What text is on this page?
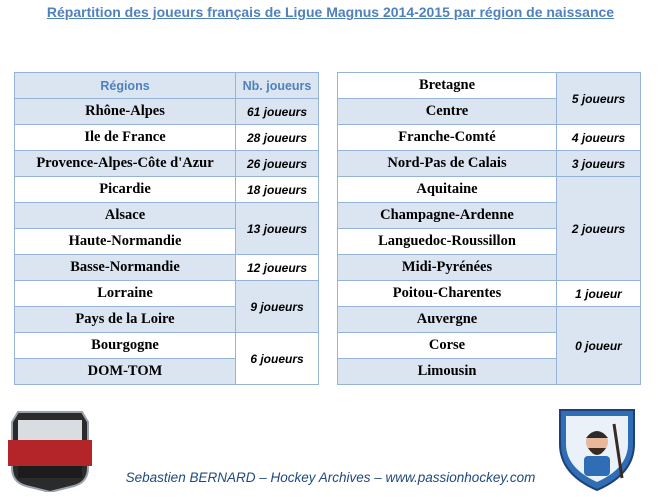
Répartition des joueurs français de Ligue Magnus 2014-2015 par région de naissance
Régions	Nb. joueurs
Rhône-Alpes	61 joueurs
Ile de France	28 joueurs
Provence-Alpes-Côte d'Azur	26 joueurs
Picardie	18 joueurs
Alsace	13 joueurs
Haute-Normandie	
Basse-Normandie	12 joueurs
Lorraine	9 joueurs
Pays de la Loire	
Bourgogne	6 joueurs
DOM-TOM	
Bretagne	5 joueurs
Centre	
Franche-Comté	4 joueurs
Nord-Pas de Calais	3 joueurs
Aquitaine	2 joueurs
Champagne-Ardenne	
Languedoc-Roussillon	
Midi-Pyrénées	
Poitou-Charentes	1 joueur
Auvergne	0 joueur
Corse	
Limousin	
Sebastien BERNARD – Hockey Archives – www.passionhockey.com
